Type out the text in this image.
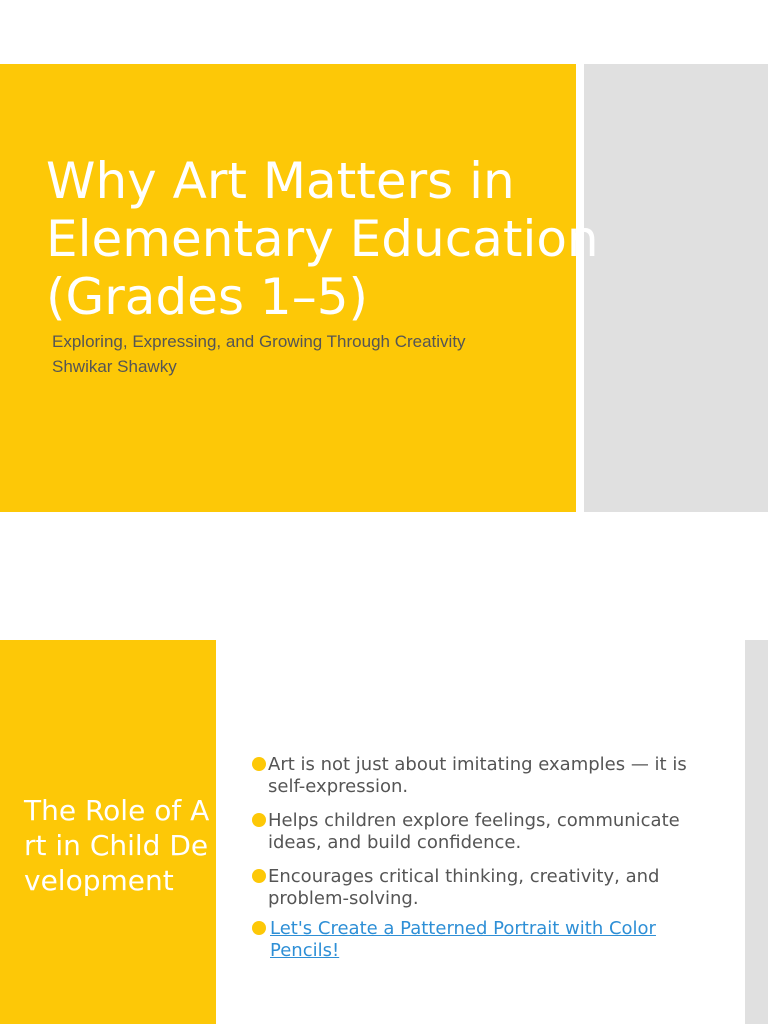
Why Art Matters in
Elementary Education
(Grades 1–5)
Exploring, Expressing, and Growing Through Creativity
Shwikar Shawky
The Role of Art in Child Development
Art is not just about imitating examples — it is self-expression.
Helps children explore feelings, communicate ideas, and build confidence.
Encourages critical thinking, creativity, and problem-solving.
Let's Create a Patterned Portrait with Color Pencils!
